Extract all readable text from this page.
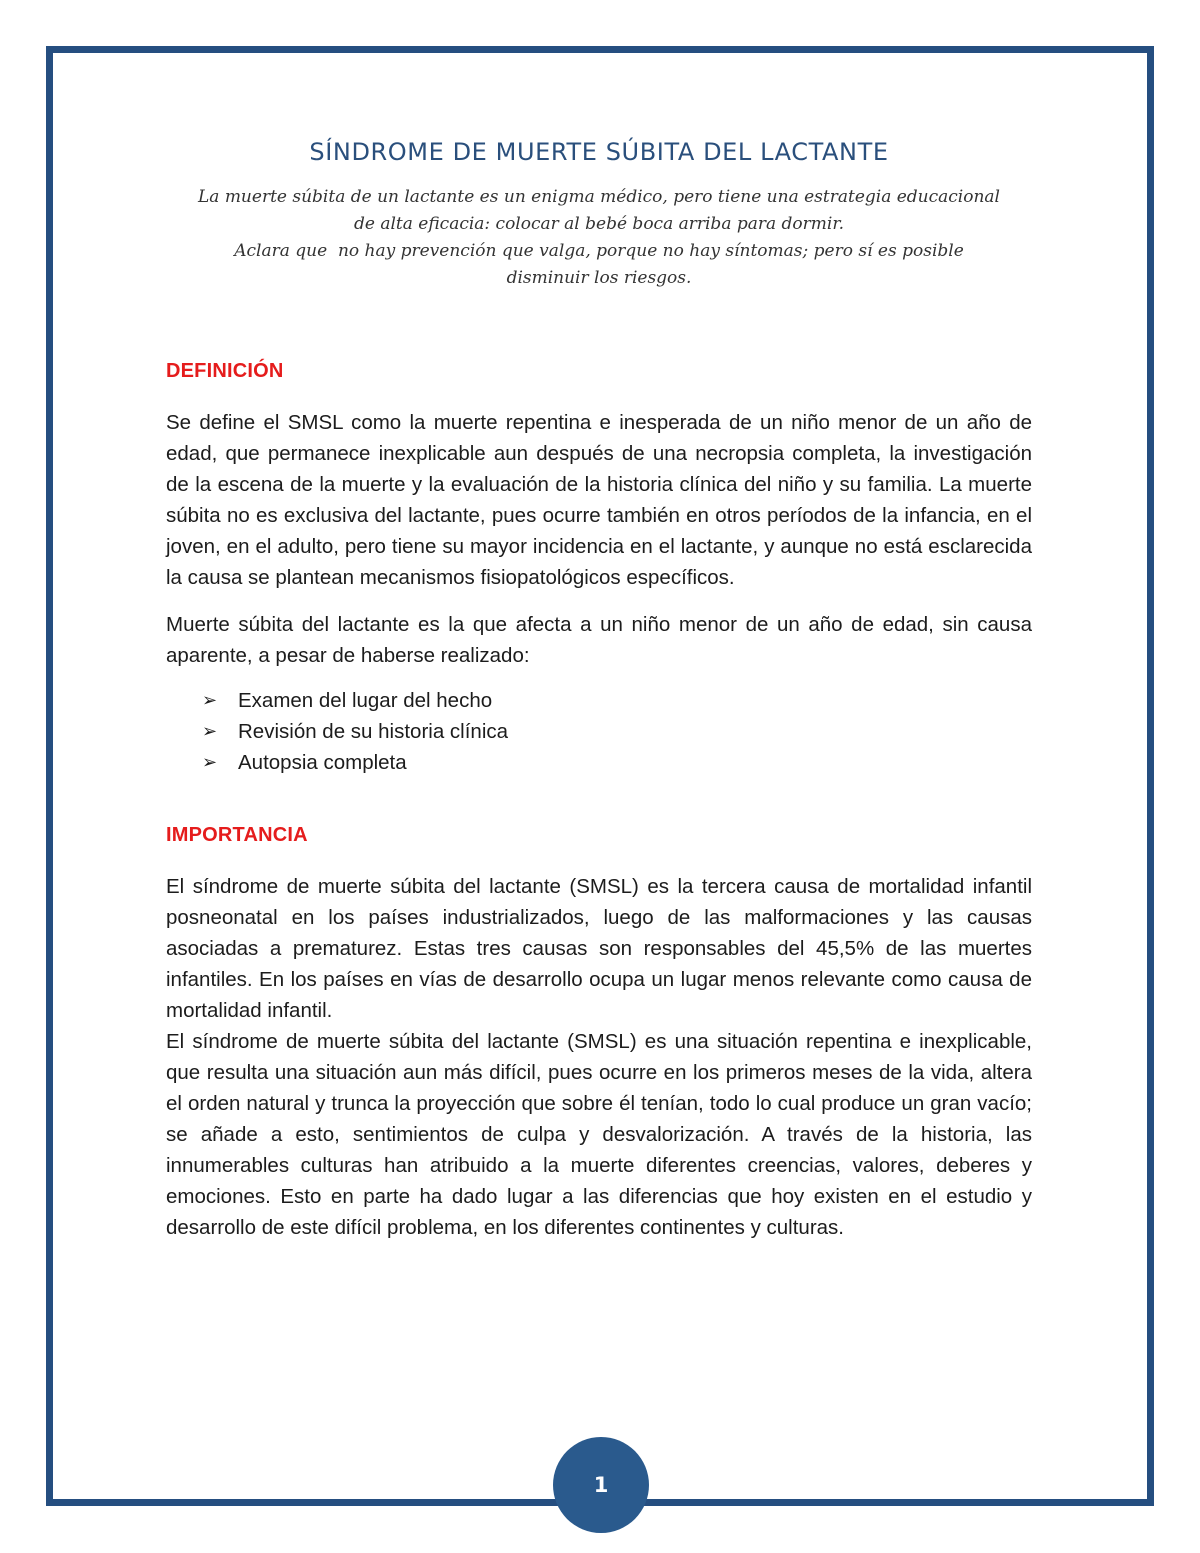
SÍNDROME DE MUERTE SÚBITA DEL LACTANTE

La muerte súbita de un lactante es un enigma médico, pero tiene una estrategia educacional

de alta eficacia: colocar al bebé boca arriba para dormir.

Aclara que  no hay prevención que valga, porque no hay síntomas; pero sí es posible

disminuir los riesgos.

DEFINICIÓN

Se define el SMSL como la muerte repentina e inesperada de un niño menor de un año de edad, que permanece inexplicable aun después de una necropsia completa, la investigación de la escena de la muerte y la evaluación de la historia clínica del niño y su familia. La muerte súbita no es exclusiva del lactante, pues ocurre también en otros períodos de la infancia, en el joven, en el adulto, pero tiene su mayor incidencia en el lactante, y aunque no está esclarecida la causa se plantean mecanismos fisiopatológicos específicos.

Muerte súbita del lactante es la que afecta a un niño menor de un año de edad, sin causa aparente, a pesar de haberse realizado:

➢	Examen del lugar del hecho
➢	Revisión de su historia clínica
➢	Autopsia completa
IMPORTANCIA

El síndrome de muerte súbita del lactante (SMSL) es la tercera causa de mortalidad infantil posneonatal en los países industrializados, luego de las malformaciones y las causas asociadas a prematurez. Estas tres causas son responsables del 45,5% de las muertes infantiles. En los países en vías de desarrollo ocupa un lugar menos relevante como causa de mortalidad infantil.

El síndrome de muerte súbita del lactante (SMSL) es una situación repentina e inexplicable, que resulta una situación aun más difícil, pues ocurre en los primeros meses de la vida, altera el orden natural y trunca la proyección que sobre él tenían, todo lo cual produce un gran vacío; se añade a esto, sentimientos de culpa y desvalorización. A través de la historia, las innumerables culturas han atribuido a la muerte diferentes creencias, valores, deberes y emociones. Esto en parte ha dado lugar a las diferencias que hoy existen en el estudio y desarrollo de este difícil problema, en los diferentes continentes y culturas.

1
